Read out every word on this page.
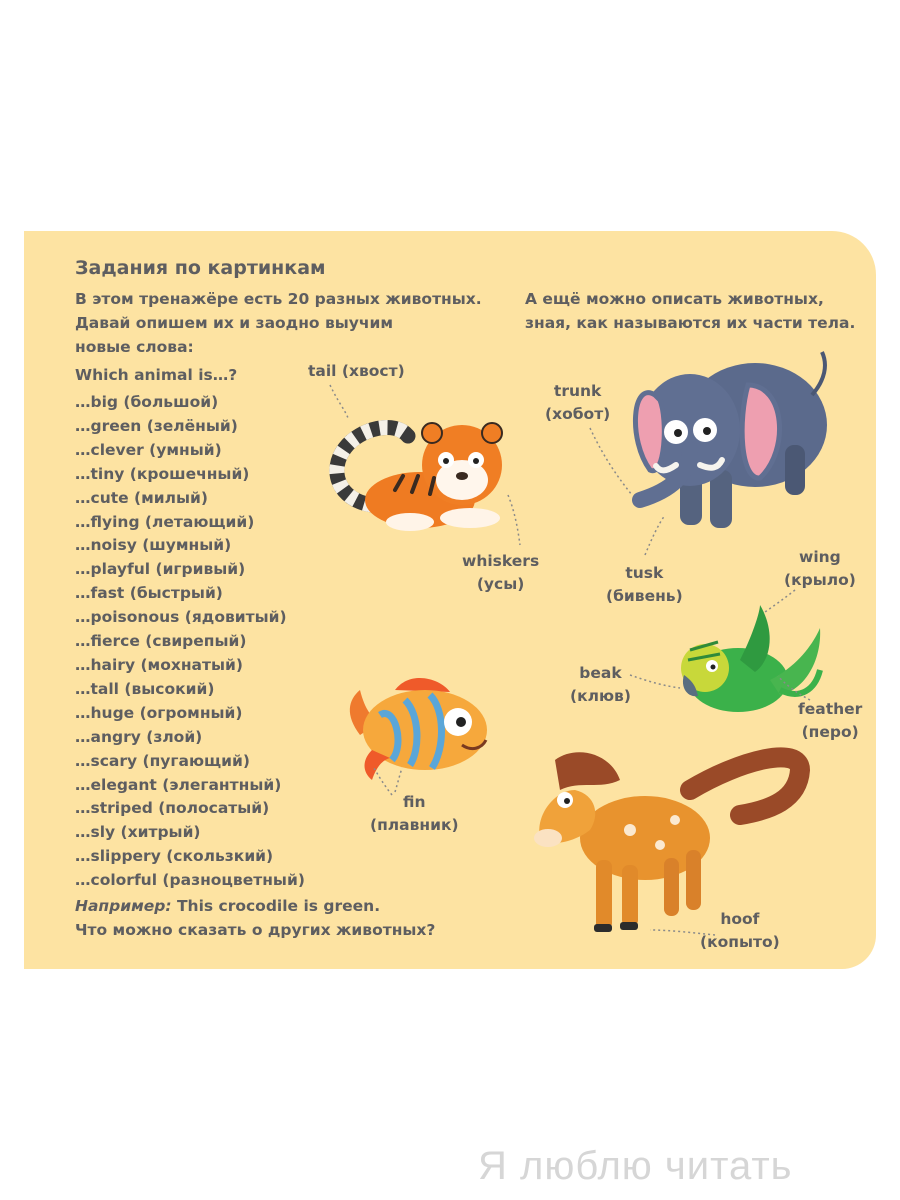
Задания по картинкам
В этом тренажёре есть 20 разных животных.
Давай опишем их и заодно выучим
новые слова:
А ещё можно описать животных,
зная, как называются их части тела.
Which animal is…?
…big (большой)
…green (зелёный)
…clever (умный)
…tiny (крошечный)
…cute (милый)
…flying (летающий)
…noisy (шумный)
…playful (игривый)
…fast (быстрый)
…poisonous (ядовитый)
…fierce (свирепый)
…hairy (мохнатый)
…tall (высокий)
…huge (огромный)
…angry (злой)
…scary (пугающий)
…elegant (элегантный)
…striped (полосатый)
…sly (хитрый)
…slippery (скользкий)
…colorful (разноцветный)
Например: This crocodile is green.
Что можно сказать о других животных?
tail (хвост)
whiskers
(усы)
trunk
(хобот)
tusk
(бивень)
wing
(крыло)
beak
(клюв)
feather
(перо)
fin
(плавник)
hoof
(копыто)
Я люблю читать
